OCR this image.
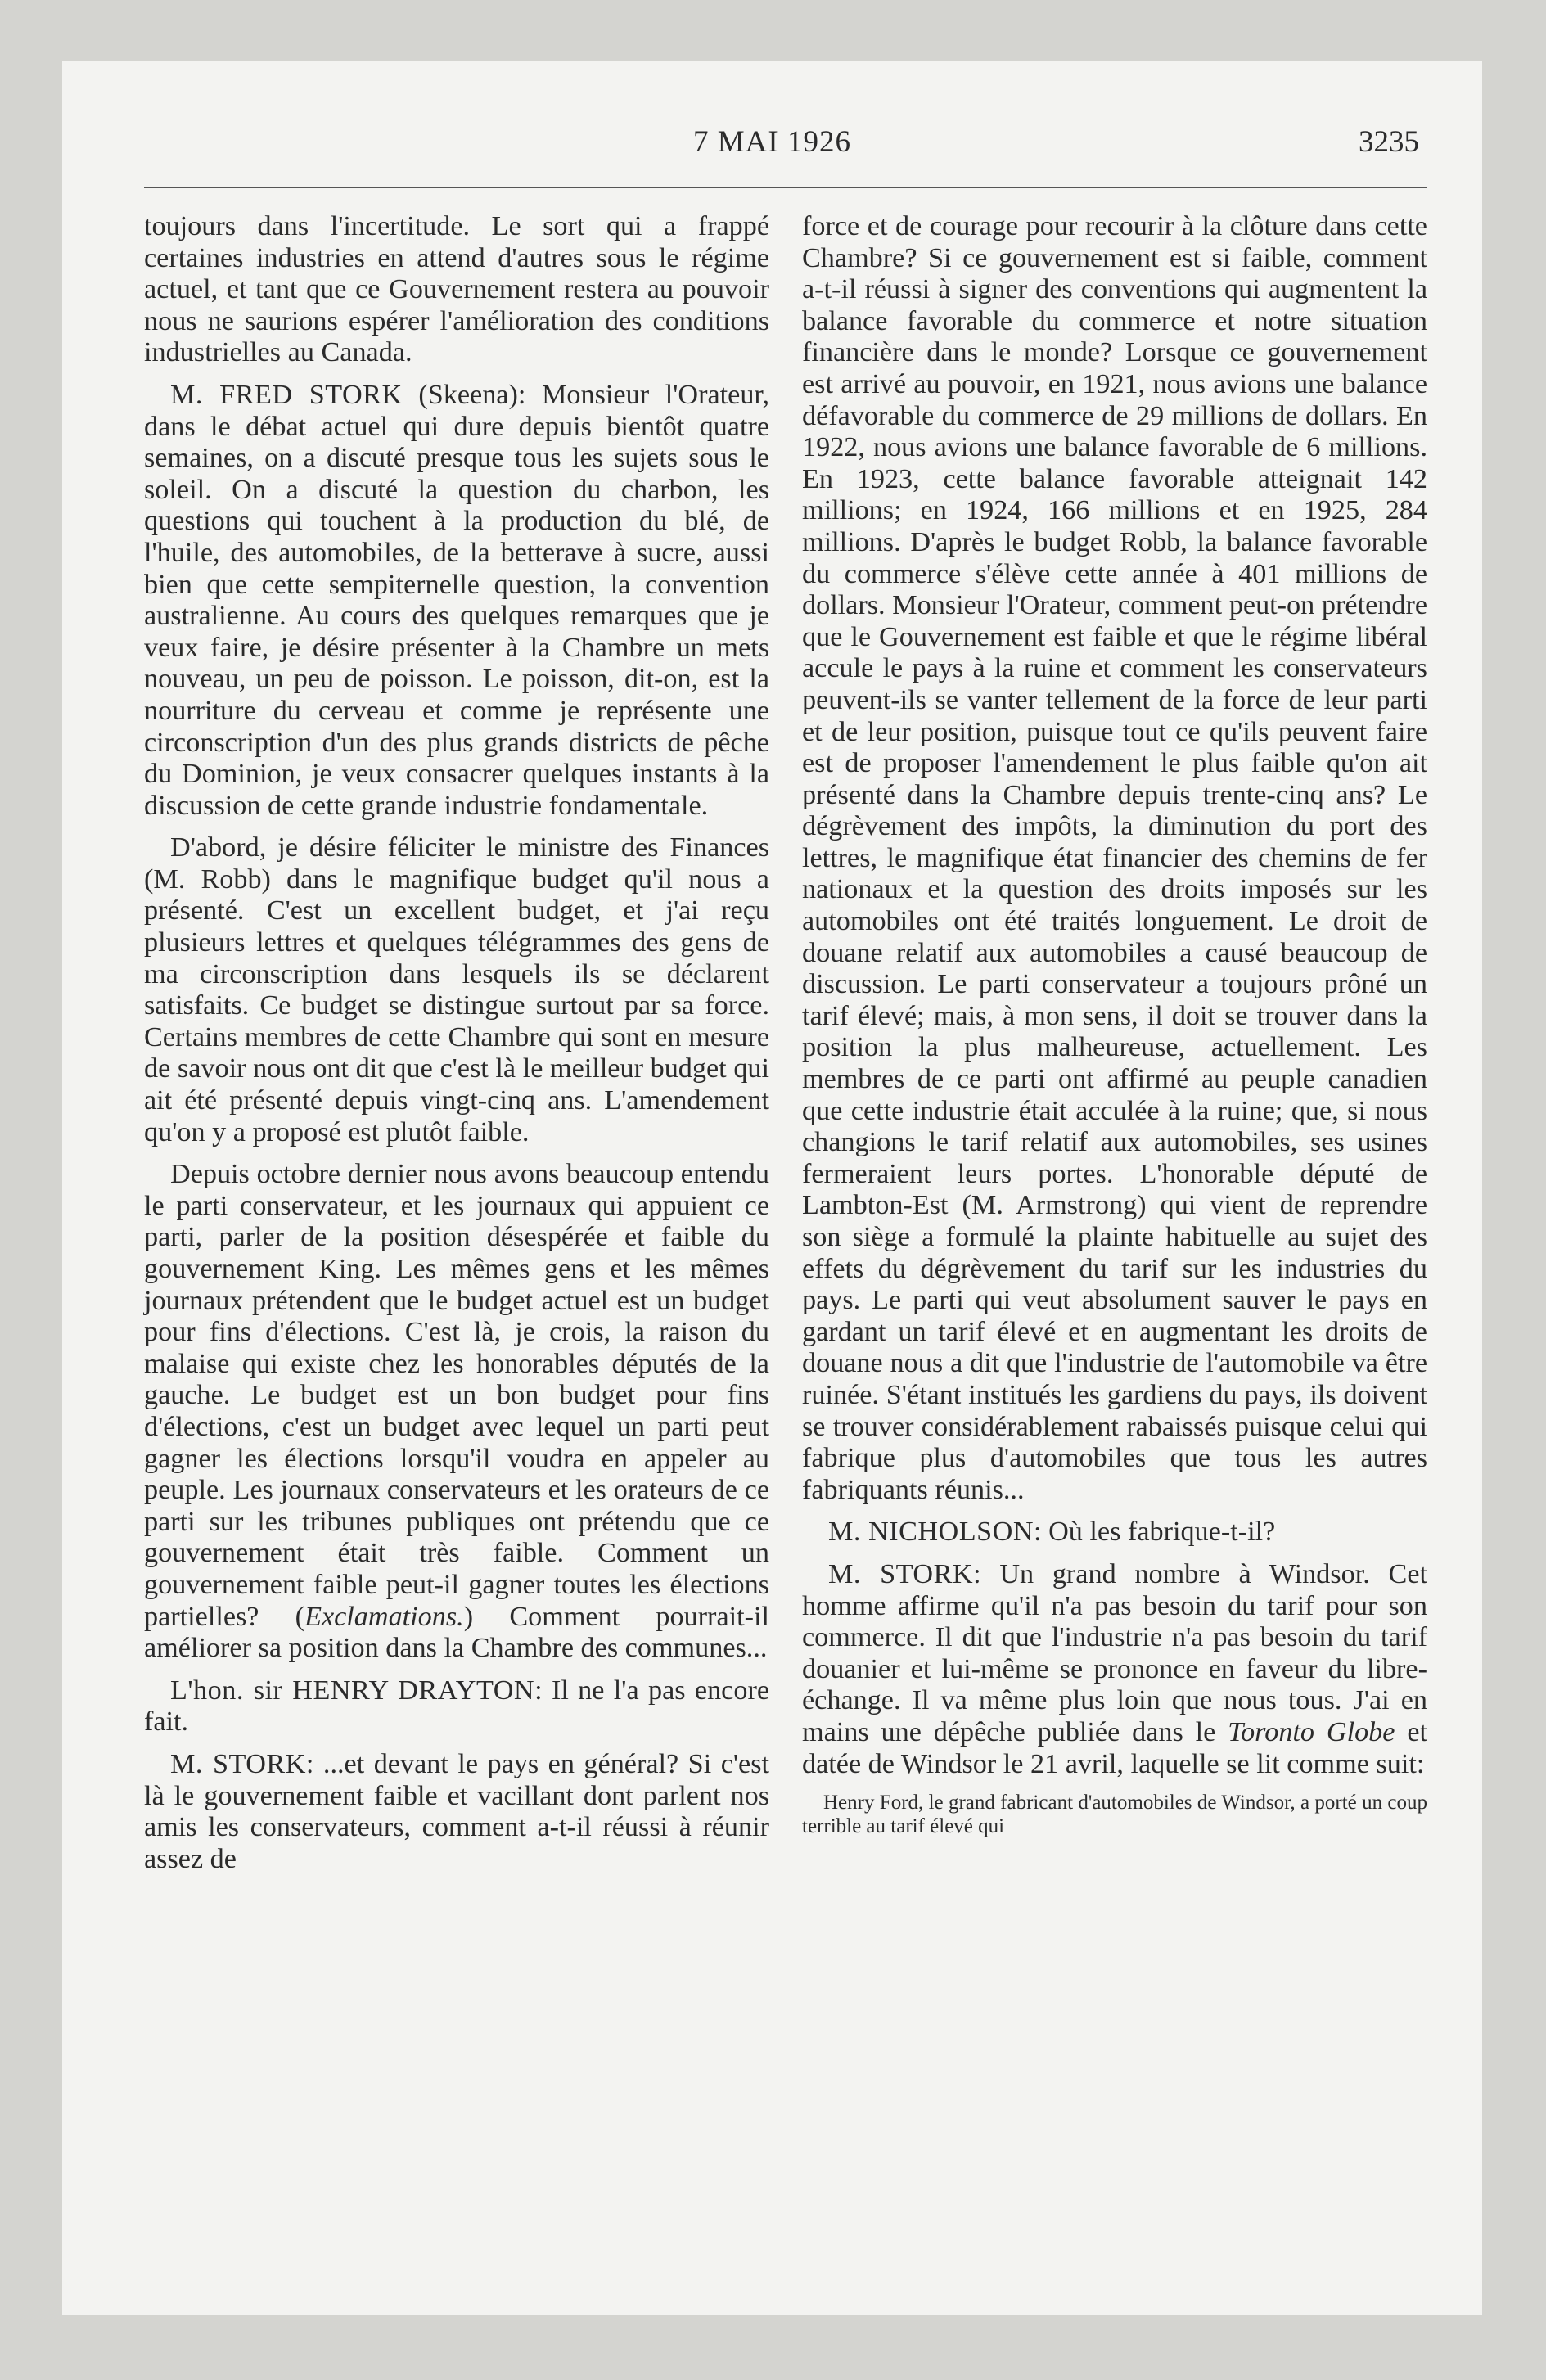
7 MAI 1926	3235

toujours dans l'incertitude. Le sort qui a frappé certaines industries en attend d'autres sous le régime actuel, et tant que ce Gouvernement restera au pouvoir nous ne saurions espérer l'amélioration des conditions industrielles au Canada.

M. FRED STORK (Skeena): Monsieur l'Orateur, dans le débat actuel qui dure depuis bientôt quatre semaines, on a discuté presque tous les sujets sous le soleil. On a discuté la question du charbon, les questions qui touchent à la production du blé, de l'huile, des automobiles, de la betterave à sucre, aussi bien que cette sempiternelle question, la convention australienne. Au cours des quelques remarques que je veux faire, je désire présenter à la Chambre un mets nouveau, un peu de poisson. Le poisson, dit-on, est la nourriture du cerveau et comme je représente une circonscription d'un des plus grands districts de pêche du Dominion, je veux consacrer quelques instants à la discussion de cette grande industrie fondamentale.

D'abord, je désire féliciter le ministre des Finances (M. Robb) dans le magnifique budget qu'il nous a présenté. C'est un excellent budget, et j'ai reçu plusieurs lettres et quelques télégrammes des gens de ma circonscription dans lesquels ils se déclarent satisfaits. Ce budget se distingue surtout par sa force. Certains membres de cette Chambre qui sont en mesure de savoir nous ont dit que c'est là le meilleur budget qui ait été présenté depuis vingt-cinq ans. L'amendement qu'on y a proposé est plutôt faible.

Depuis octobre dernier nous avons beaucoup entendu le parti conservateur, et les journaux qui appuient ce parti, parler de la position désespérée et faible du gouvernement King. Les mêmes gens et les mêmes journaux prétendent que le budget actuel est un budget pour fins d'élections. C'est là, je crois, la raison du malaise qui existe chez les honorables députés de la gauche. Le budget est un bon budget pour fins d'élections, c'est un budget avec lequel un parti peut gagner les élections lorsqu'il voudra en appeler au peuple. Les journaux conservateurs et les orateurs de ce parti sur les tribunes publiques ont prétendu que ce gouvernement était très faible. Comment un gouvernement faible peut-il gagner toutes les élections partielles? (Exclamations.) Comment pourrait-il améliorer sa position dans la Chambre des communes...

L'hon. sir HENRY DRAYTON: Il ne l'a pas encore fait.

M. STORK: ...et devant le pays en général? Si c'est là le gouvernement faible et vacillant dont parlent nos amis les conservateurs, comment a-t-il réussi à réunir assez de

force et de courage pour recourir à la clôture dans cette Chambre? Si ce gouvernement est si faible, comment a-t-il réussi à signer des conventions qui augmentent la balance favorable du commerce et notre situation financière dans le monde? Lorsque ce gouvernement est arrivé au pouvoir, en 1921, nous avions une balance défavorable du commerce de 29 millions de dollars. En 1922, nous avions une balance favorable de 6 millions. En 1923, cette balance favorable atteignait 142 millions; en 1924, 166 millions et en 1925, 284 millions. D'après le budget Robb, la balance favorable du commerce s'élève cette année à 401 millions de dollars. Monsieur l'Orateur, comment peut-on prétendre que le Gouvernement est faible et que le régime libéral accule le pays à la ruine et comment les conservateurs peuvent-ils se vanter tellement de la force de leur parti et de leur position, puisque tout ce qu'ils peuvent faire est de proposer l'amendement le plus faible qu'on ait présenté dans la Chambre depuis trente-cinq ans? Le dégrèvement des impôts, la diminution du port des lettres, le magnifique état financier des chemins de fer nationaux et la question des droits imposés sur les automobiles ont été traités longuement. Le droit de douane relatif aux automobiles a causé beaucoup de discussion. Le parti conservateur a toujours prôné un tarif élevé; mais, à mon sens, il doit se trouver dans la position la plus malheureuse, actuellement. Les membres de ce parti ont affirmé au peuple canadien que cette industrie était acculée à la ruine; que, si nous changions le tarif relatif aux automobiles, ses usines fermeraient leurs portes. L'honorable député de Lambton-Est (M. Armstrong) qui vient de reprendre son siège a formulé la plainte habituelle au sujet des effets du dégrèvement du tarif sur les industries du pays. Le parti qui veut absolument sauver le pays en gardant un tarif élevé et en augmentant les droits de douane nous a dit que l'industrie de l'automobile va être ruinée. S'étant institués les gardiens du pays, ils doivent se trouver considérablement rabaissés puisque celui qui fabrique plus d'automobiles que tous les autres fabriquants réunis...

M. NICHOLSON: Où les fabrique-t-il?

M. STORK: Un grand nombre à Windsor. Cet homme affirme qu'il n'a pas besoin du tarif pour son commerce. Il dit que l'industrie n'a pas besoin du tarif douanier et lui-même se prononce en faveur du libre-échange. Il va même plus loin que nous tous. J'ai en mains une dépêche publiée dans le Toronto Globe et datée de Windsor le 21 avril, laquelle se lit comme suit:

Henry Ford, le grand fabricant d'automobiles de Windsor, a porté un coup terrible au tarif élevé qui
